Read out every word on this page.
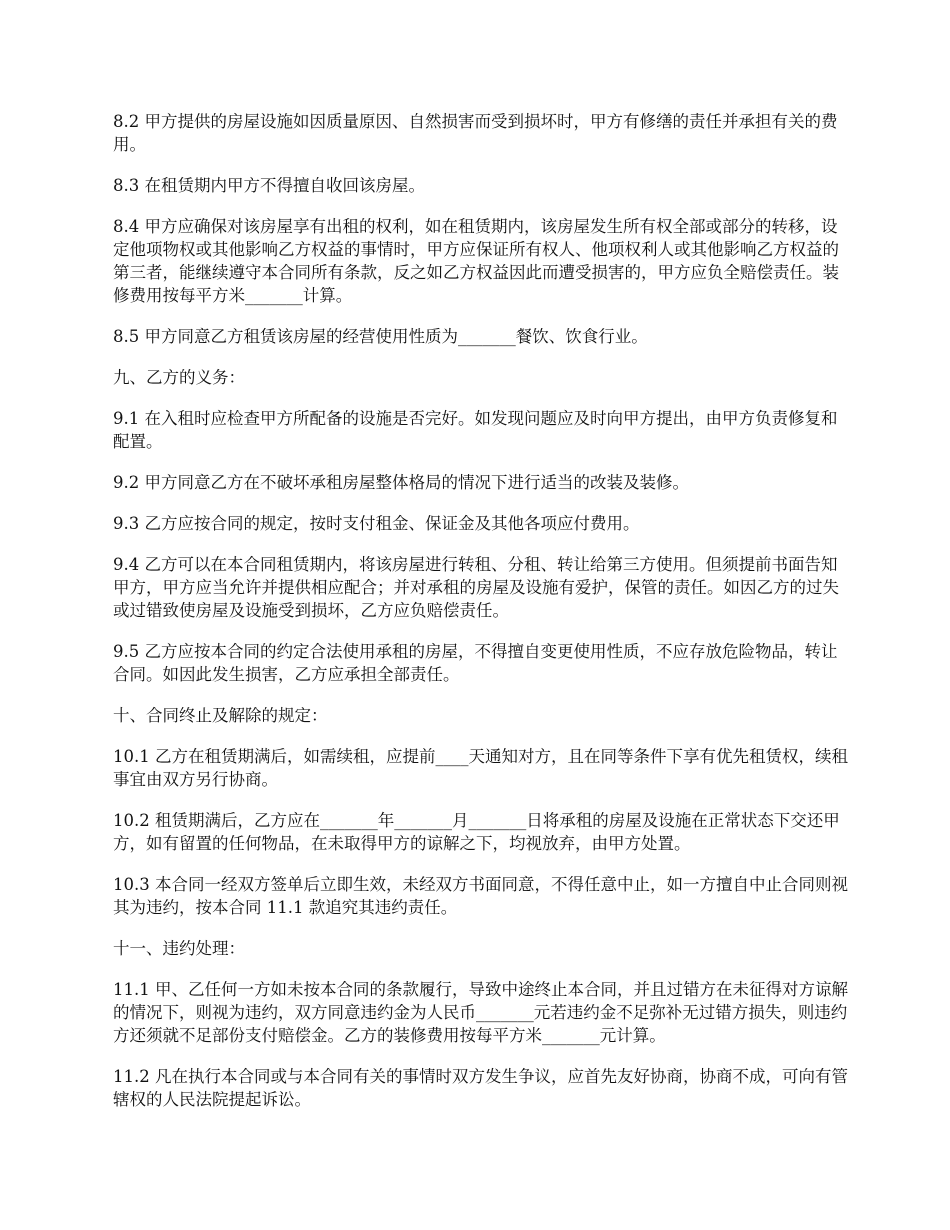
8.2 甲方提供的房屋设施如因质量原因、自然损害而受到损坏时，甲方有修缮的责任并承担有关的费用。

8.3 在租赁期内甲方不得擅自收回该房屋。

8.4 甲方应确保对该房屋享有出租的权利，如在租赁期内，该房屋发生所有权全部或部分的转移，设定他项物权或其他影响乙方权益的事情时，甲方应保证所有权人、他项权利人或其他影响乙方权益的第三者，能继续遵守本合同所有条款，反之如乙方权益因此而遭受损害的，甲方应负全赔偿责任。装修费用按每平方米_______计算。

8.5 甲方同意乙方租赁该房屋的经营使用性质为_______餐饮、饮食行业。

九、乙方的义务：

9.1 在入租时应检查甲方所配备的设施是否完好。如发现问题应及时向甲方提出，由甲方负责修复和配置。

9.2 甲方同意乙方在不破坏承租房屋整体格局的情况下进行适当的改装及装修。

9.3 乙方应按合同的规定，按时支付租金、保证金及其他各项应付费用。

9.4 乙方可以在本合同租赁期内，将该房屋进行转租、分租、转让给第三方使用。但须提前书面告知甲方，甲方应当允许并提供相应配合；并对承租的房屋及设施有爱护，保管的责任。如因乙方的过失或过错致使房屋及设施受到损坏，乙方应负赔偿责任。

9.5 乙方应按本合同的约定合法使用承租的房屋，不得擅自变更使用性质，不应存放危险物品，转让合同。如因此发生损害，乙方应承担全部责任。

十、合同终止及解除的规定：

10.1 乙方在租赁期满后，如需续租，应提前____天通知对方，且在同等条件下享有优先租赁权，续租事宜由双方另行协商。

10.2 租赁期满后，乙方应在_______年_______月_______日将承租的房屋及设施在正常状态下交还甲方，如有留置的任何物品，在未取得甲方的谅解之下，均视放弃，由甲方处置。

10.3 本合同一经双方签单后立即生效，未经双方书面同意，不得任意中止，如一方擅自中止合同则视其为违约，按本合同 11.1 款追究其违约责任。

十一、违约处理：

11.1 甲、乙任何一方如未按本合同的条款履行，导致中途终止本合同，并且过错方在未征得对方谅解的情况下，则视为违约，双方同意违约金为人民币_______元若违约金不足弥补无过错方损失，则违约方还须就不足部份支付赔偿金。乙方的装修费用按每平方米_______元计算。

11.2 凡在执行本合同或与本合同有关的事情时双方发生争议，应首先友好协商，协商不成，可向有管辖权的人民法院提起诉讼。
